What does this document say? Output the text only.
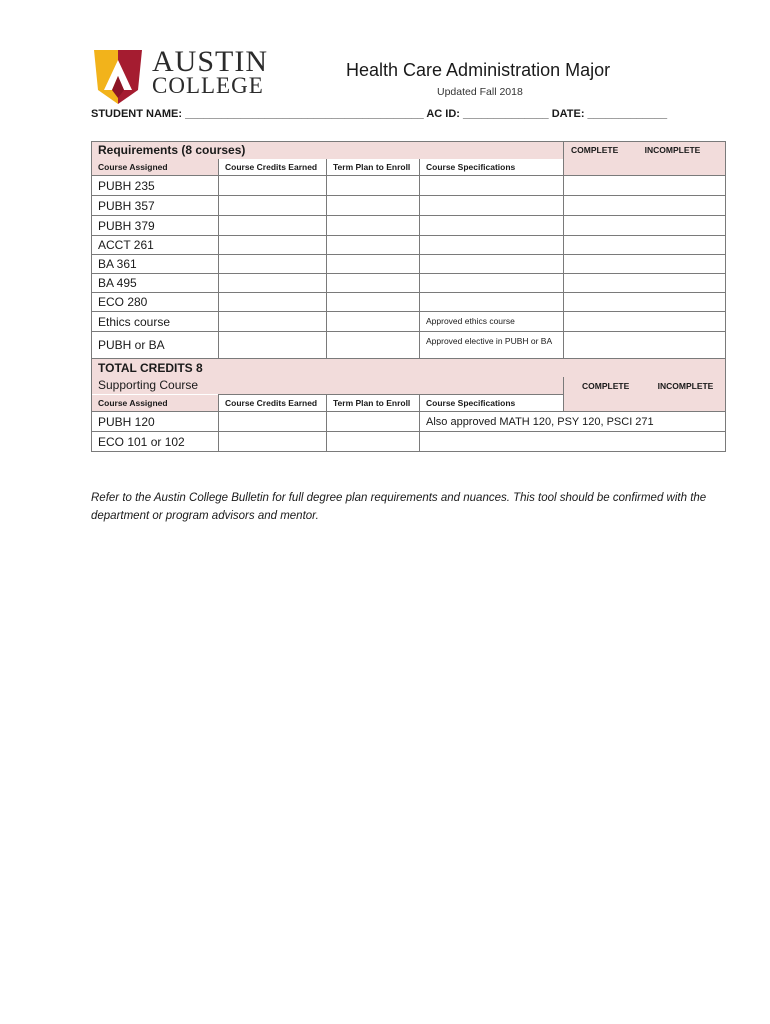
AUSTIN
COLLEGE
Health Care Administration Major
Updated Fall 2018
STUDENT NAME: _______________________________________ AC ID: ______________ DATE: _____________
Requirements (8 courses)				COMPLETE INCOMPLETE
Course Assigned	Course Credits Earned	Term Plan to Enroll	Course Specifications	
PUBH 235				
PUBH 357				
PUBH 379				
ACCT 261				
BA 361				
BA 495				
ECO 280				
Ethics course			Approved ethics course	
PUBH or BA			Approved elective in PUBH or BA	
TOTAL CREDITS 8				
Supporting Course				COMPLETE INCOMPLETE
Course Assigned	Course Credits Earned	Term Plan to Enroll	Course Specifications	
PUBH 120			Also approved MATH 120, PSY 120, PSCI 271	
ECO 101 or 102				
Refer to the Austin College Bulletin for full degree plan requirements and nuances. This tool should be confirmed with the department or program advisors and mentor.
